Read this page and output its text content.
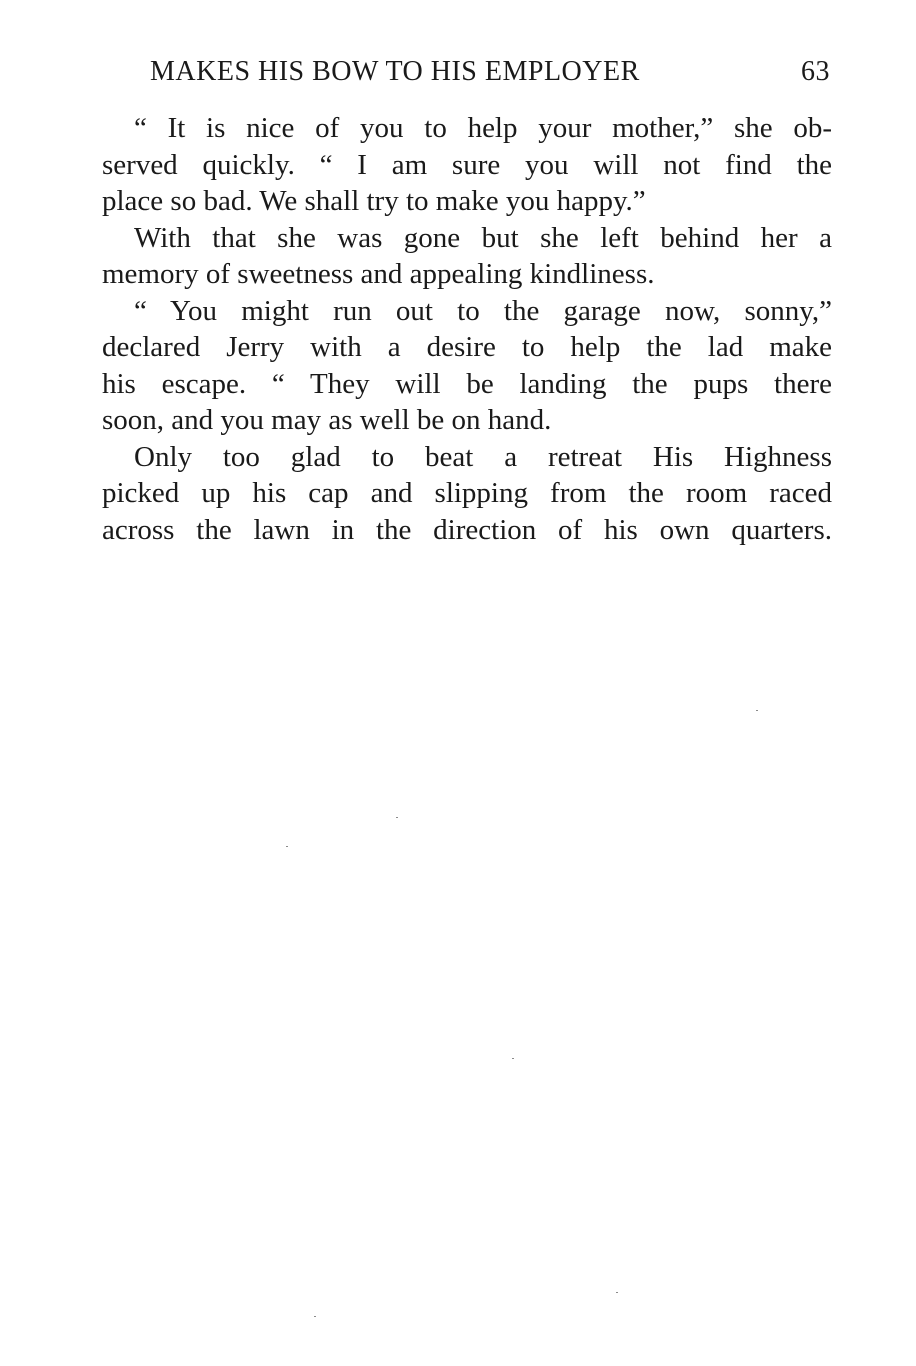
MAKES HIS BOW TO HIS EMPLOYER	63
“ It is nice of you to help your mother,” she ob-
served quickly. “ I am sure you will not find the
place so bad. We shall try to make you happy.”
With that she was gone but she left behind her a
memory of sweetness and appealing kindliness.
“ You might run out to the garage now, sonny,”
declared Jerry with a desire to help the lad make
his escape. “ They will be landing the pups there
soon, and you may as well be on hand.
Only too glad to beat a retreat His Highness
picked up his cap and slipping from the room raced
across the lawn in the direction of his own quarters.
